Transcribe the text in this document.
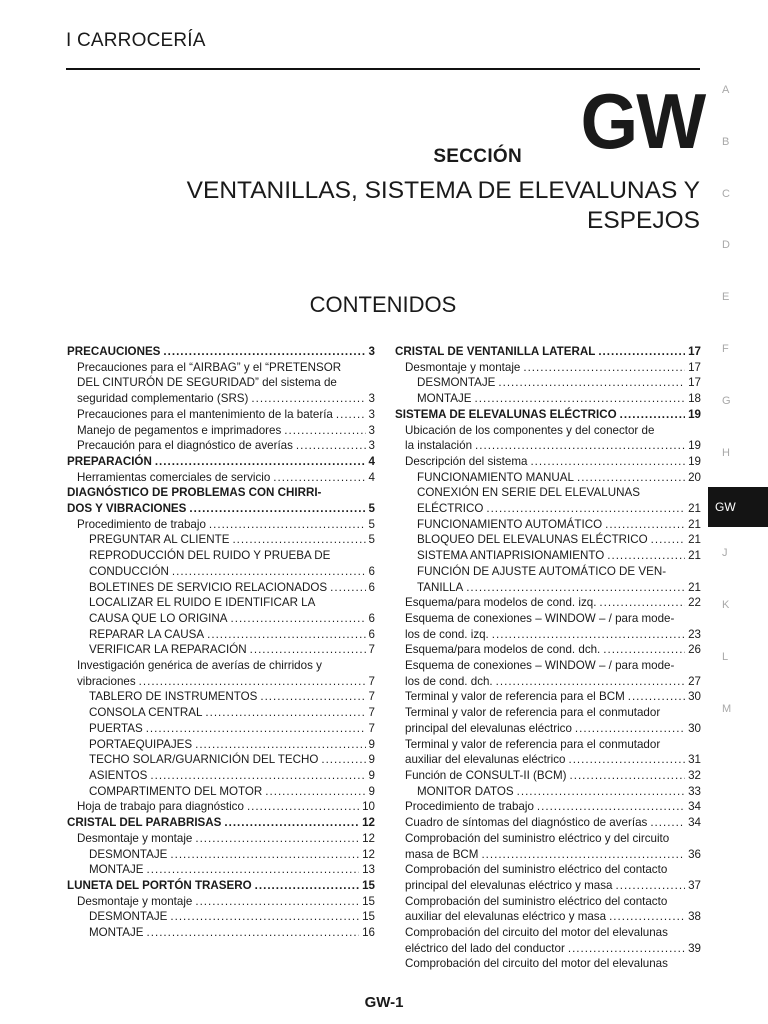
I CARROCERÍA
SECCIÓN GW
VENTANILLAS, SISTEMA DE ELEVALUNAS Y
ESPEJOS
CONTENIDOS
PRECAUCIONES .....	3
Precauciones para el “AIRBAG” y el “PRETENSOR
DEL CINTURÓN DE SEGURIDAD” del sistema de
seguridad complementario (SRS) .....	3
Precauciones para el mantenimiento de la batería .....	3
Manejo de pegamentos e imprimadores .....	3
Precaución para el diagnóstico de averías .....	3
PREPARACIÓN .....	4
Herramientas comerciales de servicio .....	4
DIAGNÓSTICO DE PROBLEMAS CON CHIRRI-
DOS Y VIBRACIONES .....	5
Procedimiento de trabajo .....	5
PREGUNTAR AL CLIENTE .....	5
REPRODUCCIÓN DEL RUIDO Y PRUEBA DE
CONDUCCIÓN .....	6
BOLETINES DE SERVICIO RELACIONADOS .....	6
LOCALIZAR EL RUIDO E IDENTIFICAR LA
CAUSA QUE LO ORIGINA .....	6
REPARAR LA CAUSA .....	6
VERIFICAR LA REPARACIÓN .....	7
Investigación genérica de averías de chirridos y
vibraciones .....	7
TABLERO DE INSTRUMENTOS .....	7
CONSOLA CENTRAL .....	7
PUERTAS .....	7
PORTAEQUIPAJES .....	9
TECHO SOLAR/GUARNICIÓN DEL TECHO .....	9
ASIENTOS .....	9
COMPARTIMENTO DEL MOTOR .....	9
Hoja de trabajo para diagnóstico .....	10
CRISTAL DEL PARABRISAS .....	12
Desmontaje y montaje .....	12
DESMONTAJE .....	12
MONTAJE .....	13
LUNETA DEL PORTÓN TRASERO .....	15
Desmontaje y montaje .....	15
DESMONTAJE .....	15
MONTAJE .....	16
CRISTAL DE VENTANILLA LATERAL .....	17
Desmontaje y montaje .....	17
DESMONTAJE .....	17
MONTAJE .....	18
SISTEMA DE ELEVALUNAS ELÉCTRICO .....	19
Ubicación de los componentes y del conector de
la instalación .....	19
Descripción del sistema .....	19
FUNCIONAMIENTO MANUAL .....	20
CONEXIÓN EN SERIE DEL ELEVALUNAS
ELÉCTRICO .....	21
FUNCIONAMIENTO AUTOMÁTICO .....	21
BLOQUEO DEL ELEVALUNAS ELÉCTRICO .....	21
SISTEMA ANTIAPRISIONAMIENTO .....	21
FUNCIÓN DE AJUSTE AUTOMÁTICO DE VEN-
TANILLA .....	21
Esquema/para modelos de cond. izq. .....	22
Esquema de conexiones – WINDOW – / para mode-
los de cond. izq. .....	23
Esquema/para modelos de cond. dch. .....	26
Esquema de conexiones – WINDOW – / para mode-
los de cond. dch. .....	27
Terminal y valor de referencia para el BCM .....	30
Terminal y valor de referencia para el conmutador
principal del elevalunas eléctrico .....	30
Terminal y valor de referencia para el conmutador
auxiliar del elevalunas eléctrico .....	31
Función de CONSULT-II (BCM) .....	32
MONITOR DATOS .....	33
Procedimiento de trabajo .....	34
Cuadro de síntomas del diagnóstico de averías .....	34
Comprobación del suministro eléctrico y del circuito
masa de BCM .....	36
Comprobación del suministro eléctrico del contacto
principal del elevalunas eléctrico y masa .....	37
Comprobación del suministro eléctrico del contacto
auxiliar del elevalunas eléctrico y masa .....	38
Comprobación del circuito del motor del elevalunas
eléctrico del lado del conductor .....	39
Comprobación del circuito del motor del elevalunas
A
B
C
D
E
F
G
H
GW
J
K
L
M
GW-1
